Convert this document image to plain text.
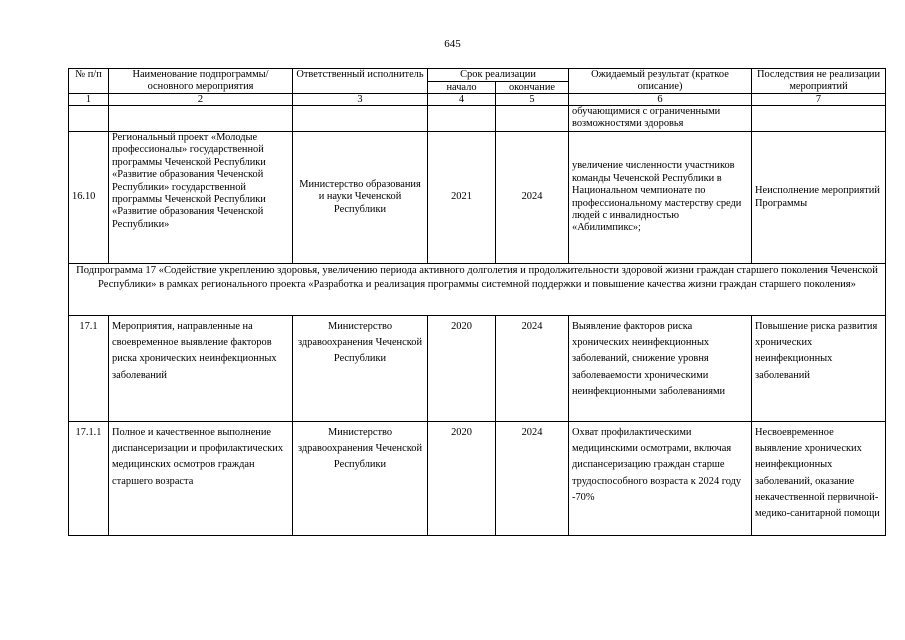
645
№ п/п	Наименование подпрограммы/ основного мероприятия	Ответственный исполнитель	Срок реализации		Ожидаемый результат (краткое описание)	Последствия не реализации мероприятий
			начало	окончание		
1	2	3	4	5	6	7
					обучающимися с ограниченными возможностями здоровья	
16.10	Региональный проект «Молодые профессионалы» государственной программы Чеченской Республики «Развитие образования Чеченской Республики» государственной программы Чеченской Республики «Развитие образования Чеченской Республики»	Министерство образования и науки Чеченской Республики	2021	2024	увеличение численности участников команды Чеченской Республики в Национальном чемпионате по профессиональному мастерству среди людей с инвалидностью «Абилимпикс»;	Неисполнение мероприятий Программы
Подпрограмма 17 «Содействие укреплению здоровья, увеличению периода активного долголетия и продолжительности здоровой жизни граждан старшего поколения Чеченской Республики» в рамках регионального проекта «Разработка и реализация программы системной поддержки и повышение качества жизни граждан старшего поколения»						
17.1	Мероприятия, направленные на своевременное выявление факторов риска хронических неинфекционных заболеваний	Министерство здравоохранения Чеченской Республики	2020	2024	Выявление факторов риска хронических неинфекционных заболеваний, снижение уровня заболеваемости хроническими неинфекционными заболеваниями	Повышение риска развития хронических неинфекционных заболеваний
17.1.1	Полное и качественное выполнение диспансеризации и профилактических медицинских осмотров граждан старшего возраста	Министерство здравоохранения Чеченской Республики	2020	2024	Охват профилактическими медицинскими осмотрами, включая диспансеризацию граждан старше трудоспособного возраста к 2024 году -70%	Несвоевременное выявление хронических неинфекционных заболеваний, оказание некачественной первичной-медико-санитарной помощи
